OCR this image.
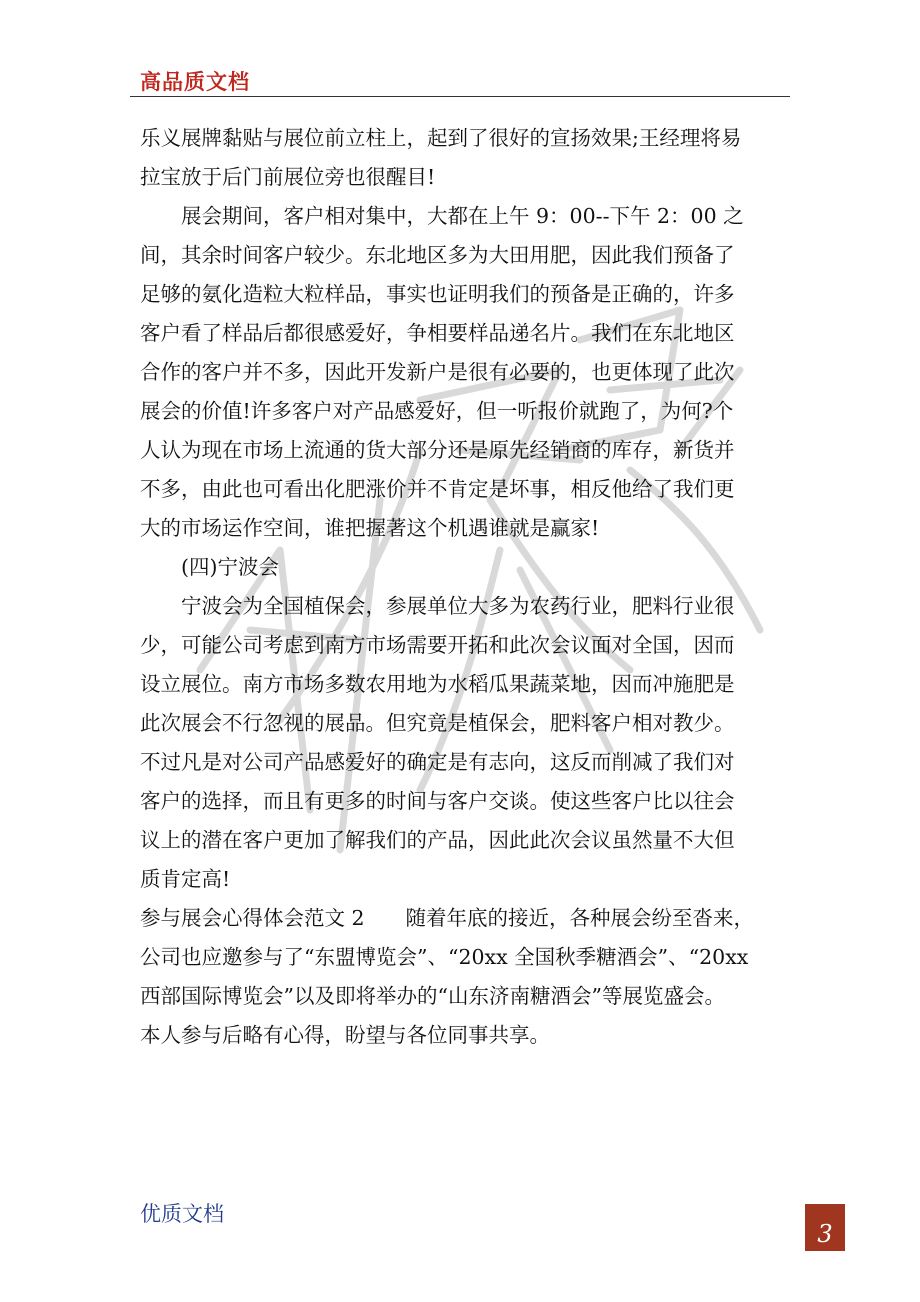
高品质文档

乐义展牌黏贴与展位前立柱上，起到了很好的宣扬效果;王经理将易
拉宝放于后门前展位旁也很醒目!

展会期间，客户相对集中，大都在上午 9：00--下午 2：00 之
间，其余时间客户较少。东北地区多为大田用肥，因此我们预备了
足够的氨化造粒大粒样品，事实也证明我们的预备是正确的，许多
客户看了样品后都很感爱好，争相要样品递名片。我们在东北地区
合作的客户并不多，因此开发新户是很有必要的，也更体现了此次
展会的价值!许多客户对产品感爱好，但一听报价就跑了，为何?个
人认为现在市场上流通的货大部分还是原先经销商的库存，新货并
不多，由此也可看出化肥涨价并不肯定是坏事，相反他给了我们更
大的市场运作空间，谁把握著这个机遇谁就是赢家!

(四)宁波会

宁波会为全国植保会，参展单位大多为农药行业，肥料行业很
少，可能公司考虑到南方市场需要开拓和此次会议面对全国，因而
设立展位。南方市场多数农用地为水稻瓜果蔬菜地，因而冲施肥是
此次展会不行忽视的展品。但究竟是植保会，肥料客户相对教少。
不过凡是对公司产品感爱好的确定是有志向，这反而削减了我们对
客户的选择，而且有更多的时间与客户交谈。使这些客户比以往会
议上的潜在客户更加了解我们的产品，因此此次会议虽然量不大但
质肯定高!

参与展会心得体会范文 2　　随着年底的接近，各种展会纷至沓来，
公司也应邀参与了“东盟博览会”、“20xx 全国秋季糖酒会”、“20xx
西部国际博览会”以及即将举办的“山东济南糖酒会”等展览盛会。
本人参与后略有心得，盼望与各位同事共享。

优质文档
3
